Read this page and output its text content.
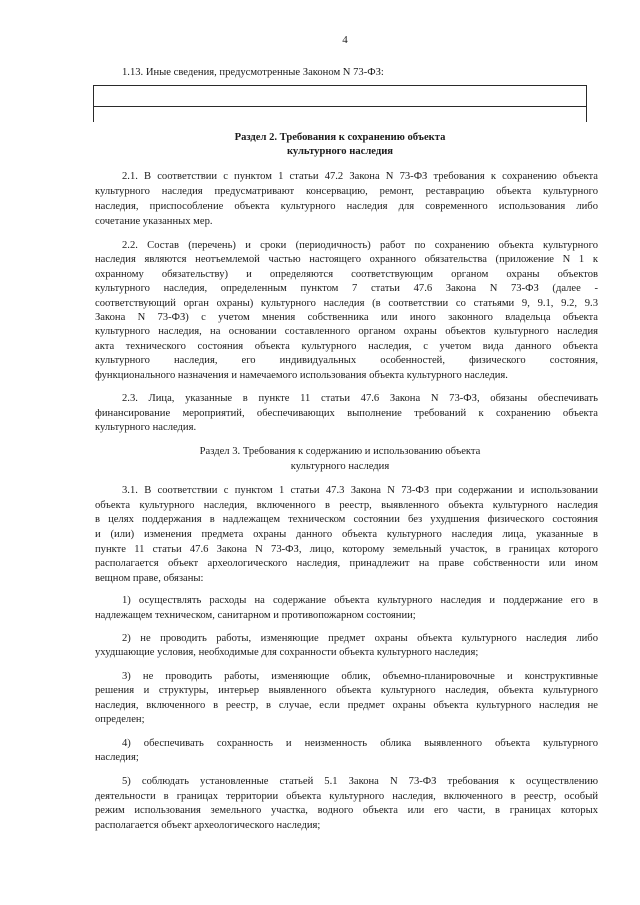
4
1.13. Иные сведения, предусмотренные Законом N 73-ФЗ:
Раздел 2. Требования к сохранению объекта
культурного наследия
2.1. В соответствии с пунктом 1 статьи 47.2 Закона N 73-ФЗ требования к сохранению объекта
культурного наследия предусматривают консервацию, ремонт, реставрацию объекта культурного
наследия, приспособление объекта культурного наследия для современного использования либо
сочетание указанных мер.
2.2. Состав (перечень) и сроки (периодичность) работ по сохранению объекта культурного
наследия являются неотъемлемой частью настоящего охранного обязательства (приложение N 1 к
охранному обязательству) и определяются соответствующим органом охраны объектов
культурного наследия, определенным пунктом 7 статьи 47.6 Закона N 73-ФЗ (далее -
соответствующий орган охраны) культурного наследия (в соответствии со статьями 9, 9.1, 9.2, 9.3
Закона N 73-ФЗ) с учетом мнения собственника или иного законного владельца объекта
культурного наследия, на основании составленного органом охраны объектов культурного наследия
акта технического состояния объекта культурного наследия, с учетом вида данного объекта
культурного наследия, его индивидуальных особенностей, физического состояния,
функционального назначения и намечаемого использования объекта культурного наследия.
2.3. Лица, указанные в пункте 11 статьи 47.6 Закона N 73-ФЗ, обязаны обеспечивать
финансирование мероприятий, обеспечивающих выполнение требований к сохранению объекта
культурного наследия.
Раздел 3. Требования к содержанию и использованию объекта
культурного наследия
3.1. В соответствии с пунктом 1 статьи 47.3 Закона N 73-ФЗ при содержании и использовании
объекта культурного наследия, включенного в реестр, выявленного объекта культурного наследия
в целях поддержания в надлежащем техническом состоянии без ухудшения физического состояния
и (или) изменения предмета охраны данного объекта культурного наследия лица, указанные в
пункте 11 статьи 47.6 Закона N 73-ФЗ, лицо, которому земельный участок, в границах которого
располагается объект археологического наследия, принадлежит на праве собственности или ином
вещном праве, обязаны:
1) осуществлять расходы на содержание объекта культурного наследия и поддержание его в
надлежащем техническом, санитарном и противопожарном состоянии;
2) не проводить работы, изменяющие предмет охраны объекта культурного наследия либо
ухудшающие условия, необходимые для сохранности объекта культурного наследия;
3) не проводить работы, изменяющие облик, объемно-планировочные и конструктивные
решения и структуры, интерьер выявленного объекта культурного наследия, объекта культурного
наследия, включенного в реестр, в случае, если предмет охраны объекта культурного наследия не
определен;
4) обеспечивать сохранность и неизменность облика выявленного объекта культурного
наследия;
5) соблюдать установленные статьей 5.1 Закона N 73-ФЗ требования к осуществлению
деятельности в границах территории объекта культурного наследия, включенного в реестр, особый
режим использования земельного участка, водного объекта или его части, в границах которых
располагается объект археологического наследия;
